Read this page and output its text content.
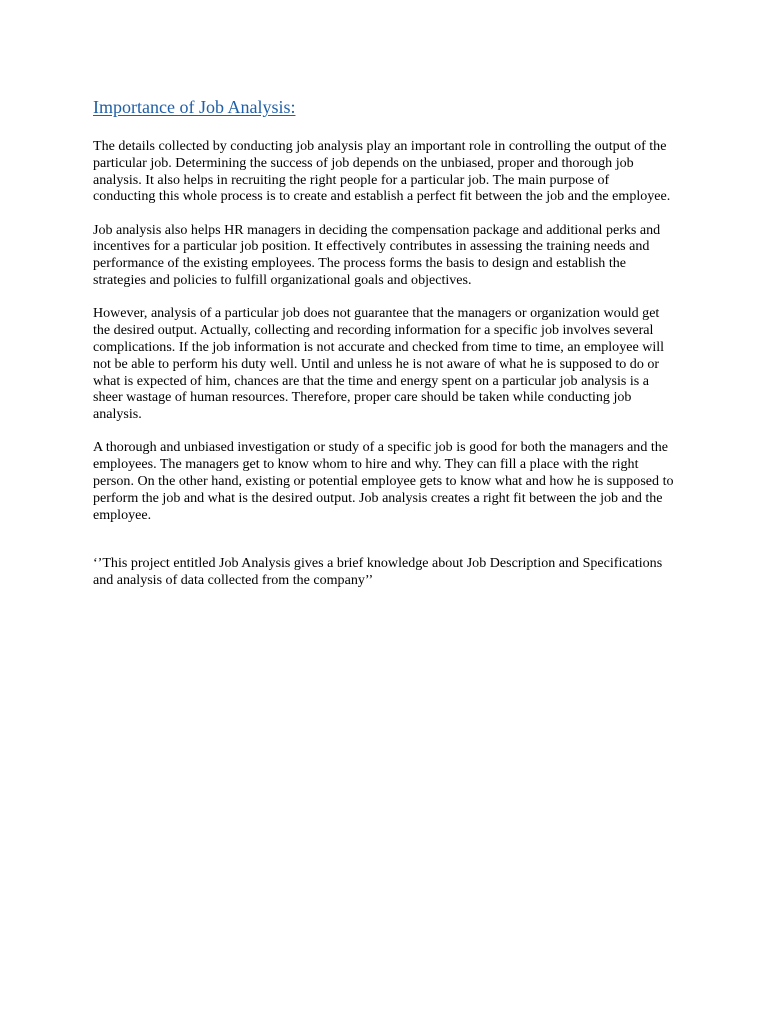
Importance of Job Analysis:

The details collected by conducting job analysis play an important role in controlling the output of the particular job. Determining the success of job depends on the unbiased, proper and thorough job analysis. It also helps in recruiting the right people for a particular job. The main purpose of conducting this whole process is to create and establish a perfect fit between the job and the employee.

Job analysis also helps HR managers in deciding the compensation package and additional perks and incentives for a particular job position. It effectively contributes in assessing the training needs and performance of the existing employees. The process forms the basis to design and establish the strategies and policies to fulfill organizational goals and objectives.

However, analysis of a particular job does not guarantee that the managers or organization would get the desired output. Actually, collecting and recording information for a specific job involves several complications. If the job information is not accurate and checked from time to time, an employee will not be able to perform his duty well. Until and unless he is not aware of what he is supposed to do or what is expected of him, chances are that the time and energy spent on a particular job analysis is a sheer wastage of human resources. Therefore, proper care should be taken while conducting job analysis.

A thorough and unbiased investigation or study of a specific job is good for both the managers and the employees. The managers get to know whom to hire and why. They can fill a place with the right person. On the other hand, existing or potential employee gets to know what and how he is supposed to perform the job and what is the desired output. Job analysis creates a right fit between the job and the employee.

‘’This project entitled Job Analysis gives a brief knowledge about Job Description and Specifications and analysis of data collected from the company’’
